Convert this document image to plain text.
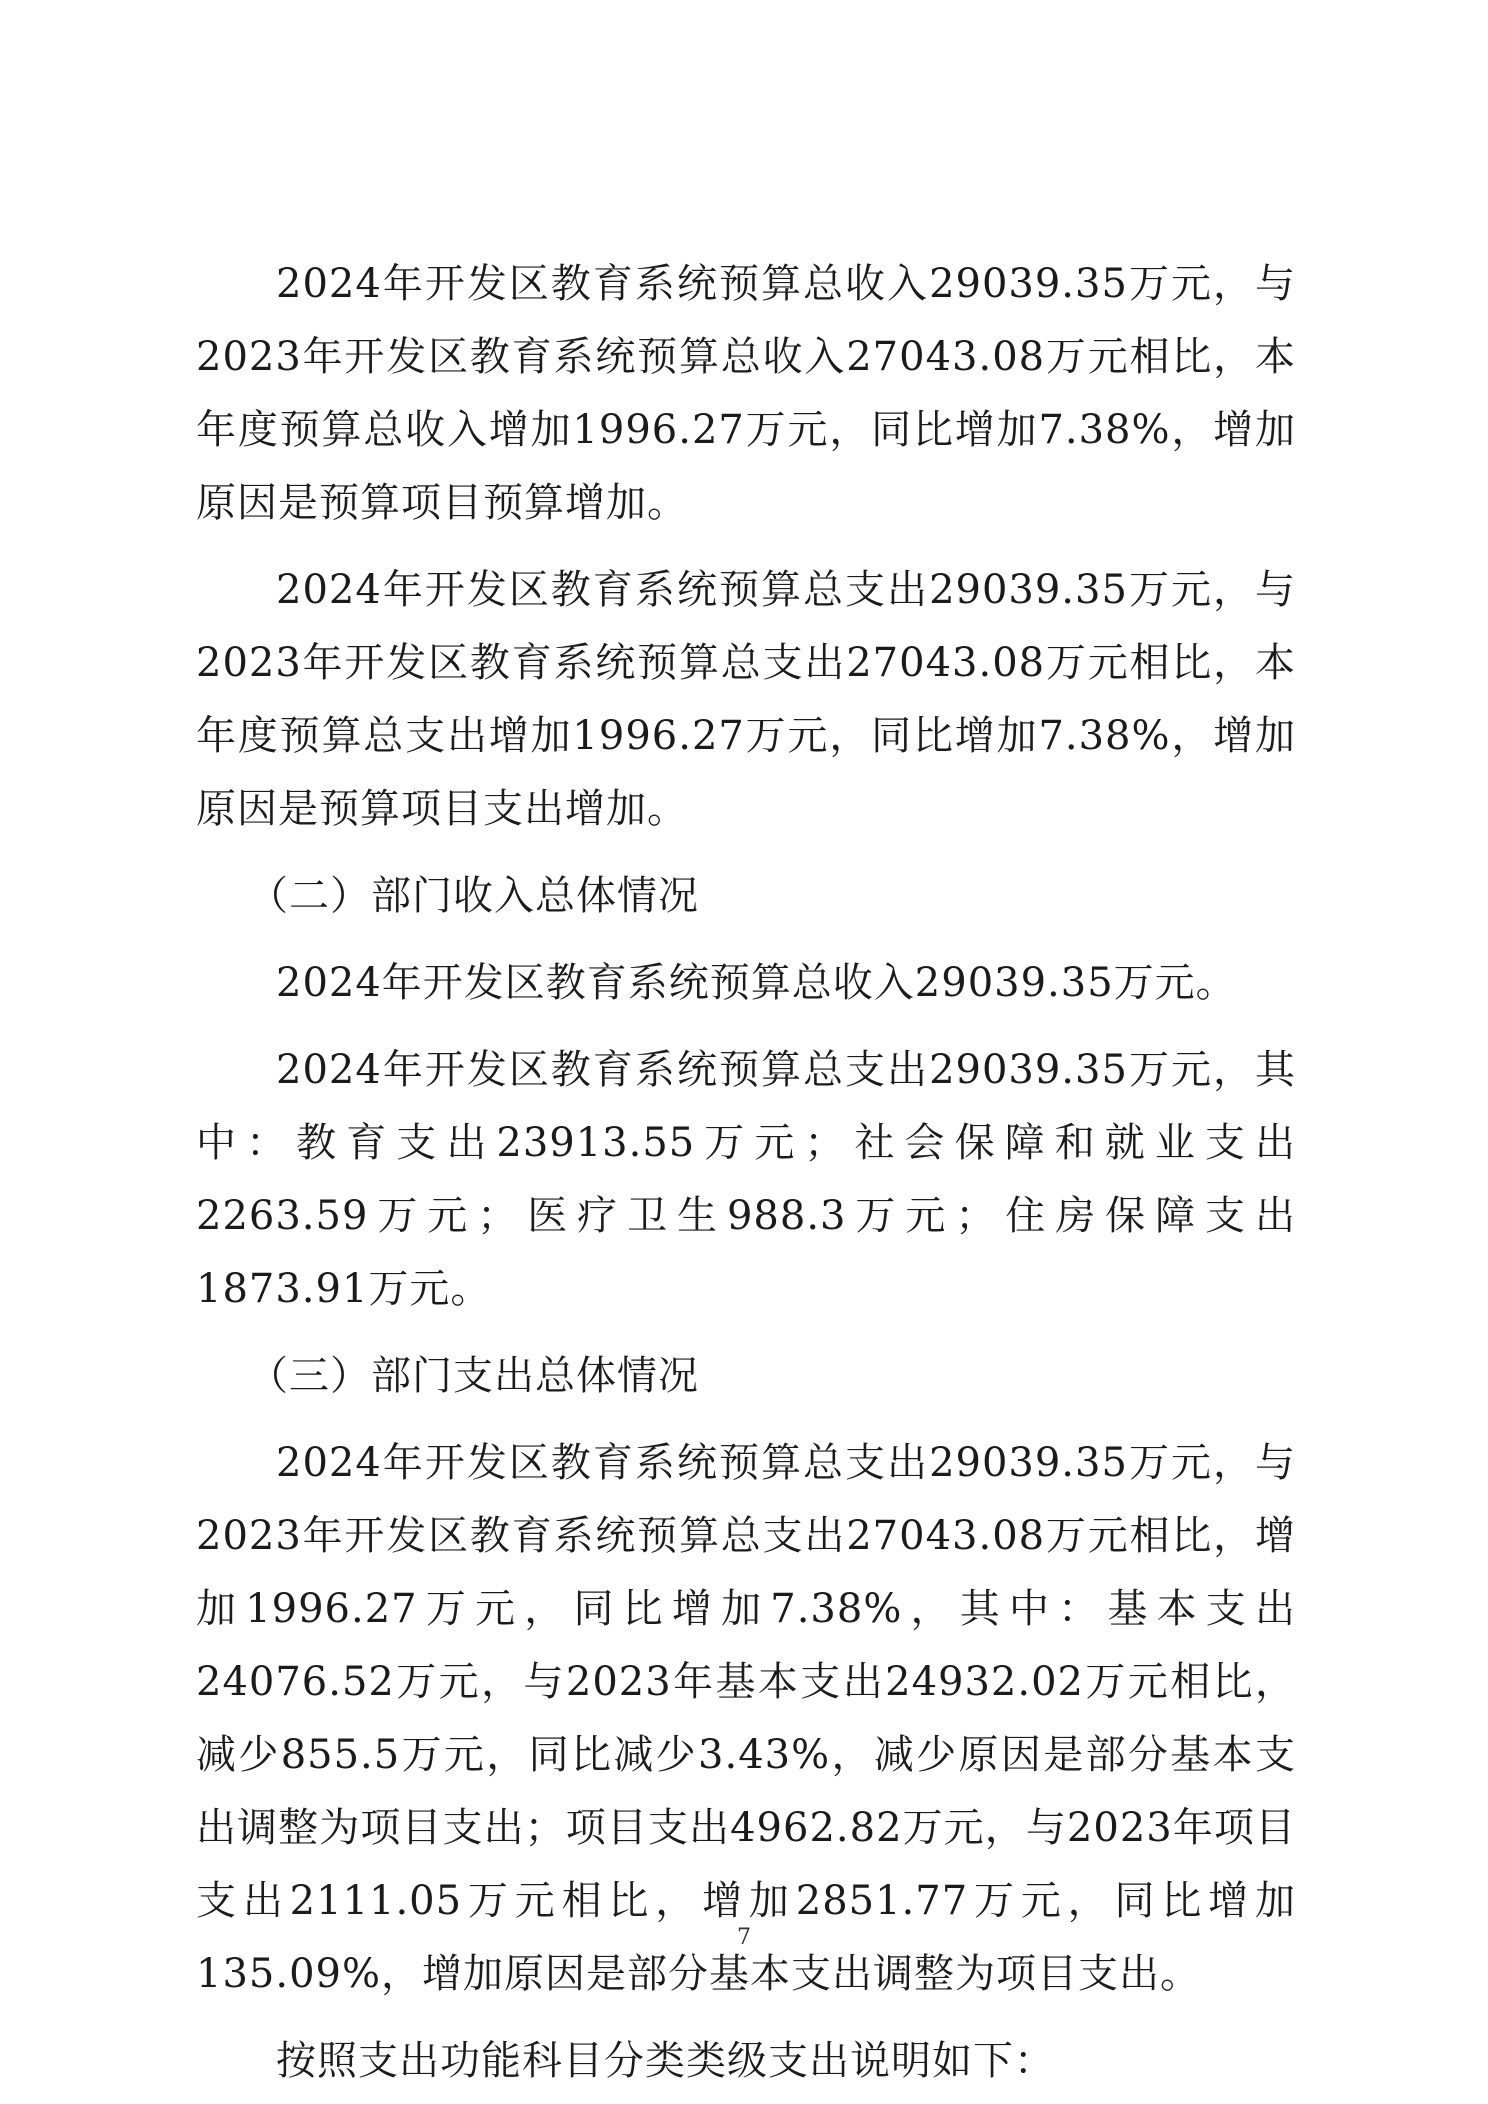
2024年开发区教育系统预算总收入29039.35万元，与2023年开发区教育系统预算总收入27043.08万元相比，本年度预算总收入增加1996.27万元，同比增加7.38%，增加原因是预算项目预算增加。

2024年开发区教育系统预算总支出29039.35万元，与2023年开发区教育系统预算总支出27043.08万元相比，本年度预算总支出增加1996.27万元，同比增加7.38%，增加原因是预算项目支出增加。

（二）部门收入总体情况

2024年开发区教育系统预算总收入29039.35万元。

2024年开发区教育系统预算总支出29039.35万元，其中：教育支出23913.55万元；社会保障和就业支出2263.59万元；医疗卫生988.3万元；住房保障支出1873.91万元。

（三）部门支出总体情况

2024年开发区教育系统预算总支出29039.35万元，与2023年开发区教育系统预算总支出27043.08万元相比，增加1996.27万元，同比增加7.38%，其中：基本支出24076.52万元，与2023年基本支出24932.02万元相比，减少855.5万元，同比减少3.43%，减少原因是部分基本支出调整为项目支出；项目支出4962.82万元，与2023年项目支出2111.05万元相比，增加2851.77万元，同比增加135.09%，增加原因是部分基本支出调整为项目支出。

按照支出功能科目分类类级支出说明如下：

7
